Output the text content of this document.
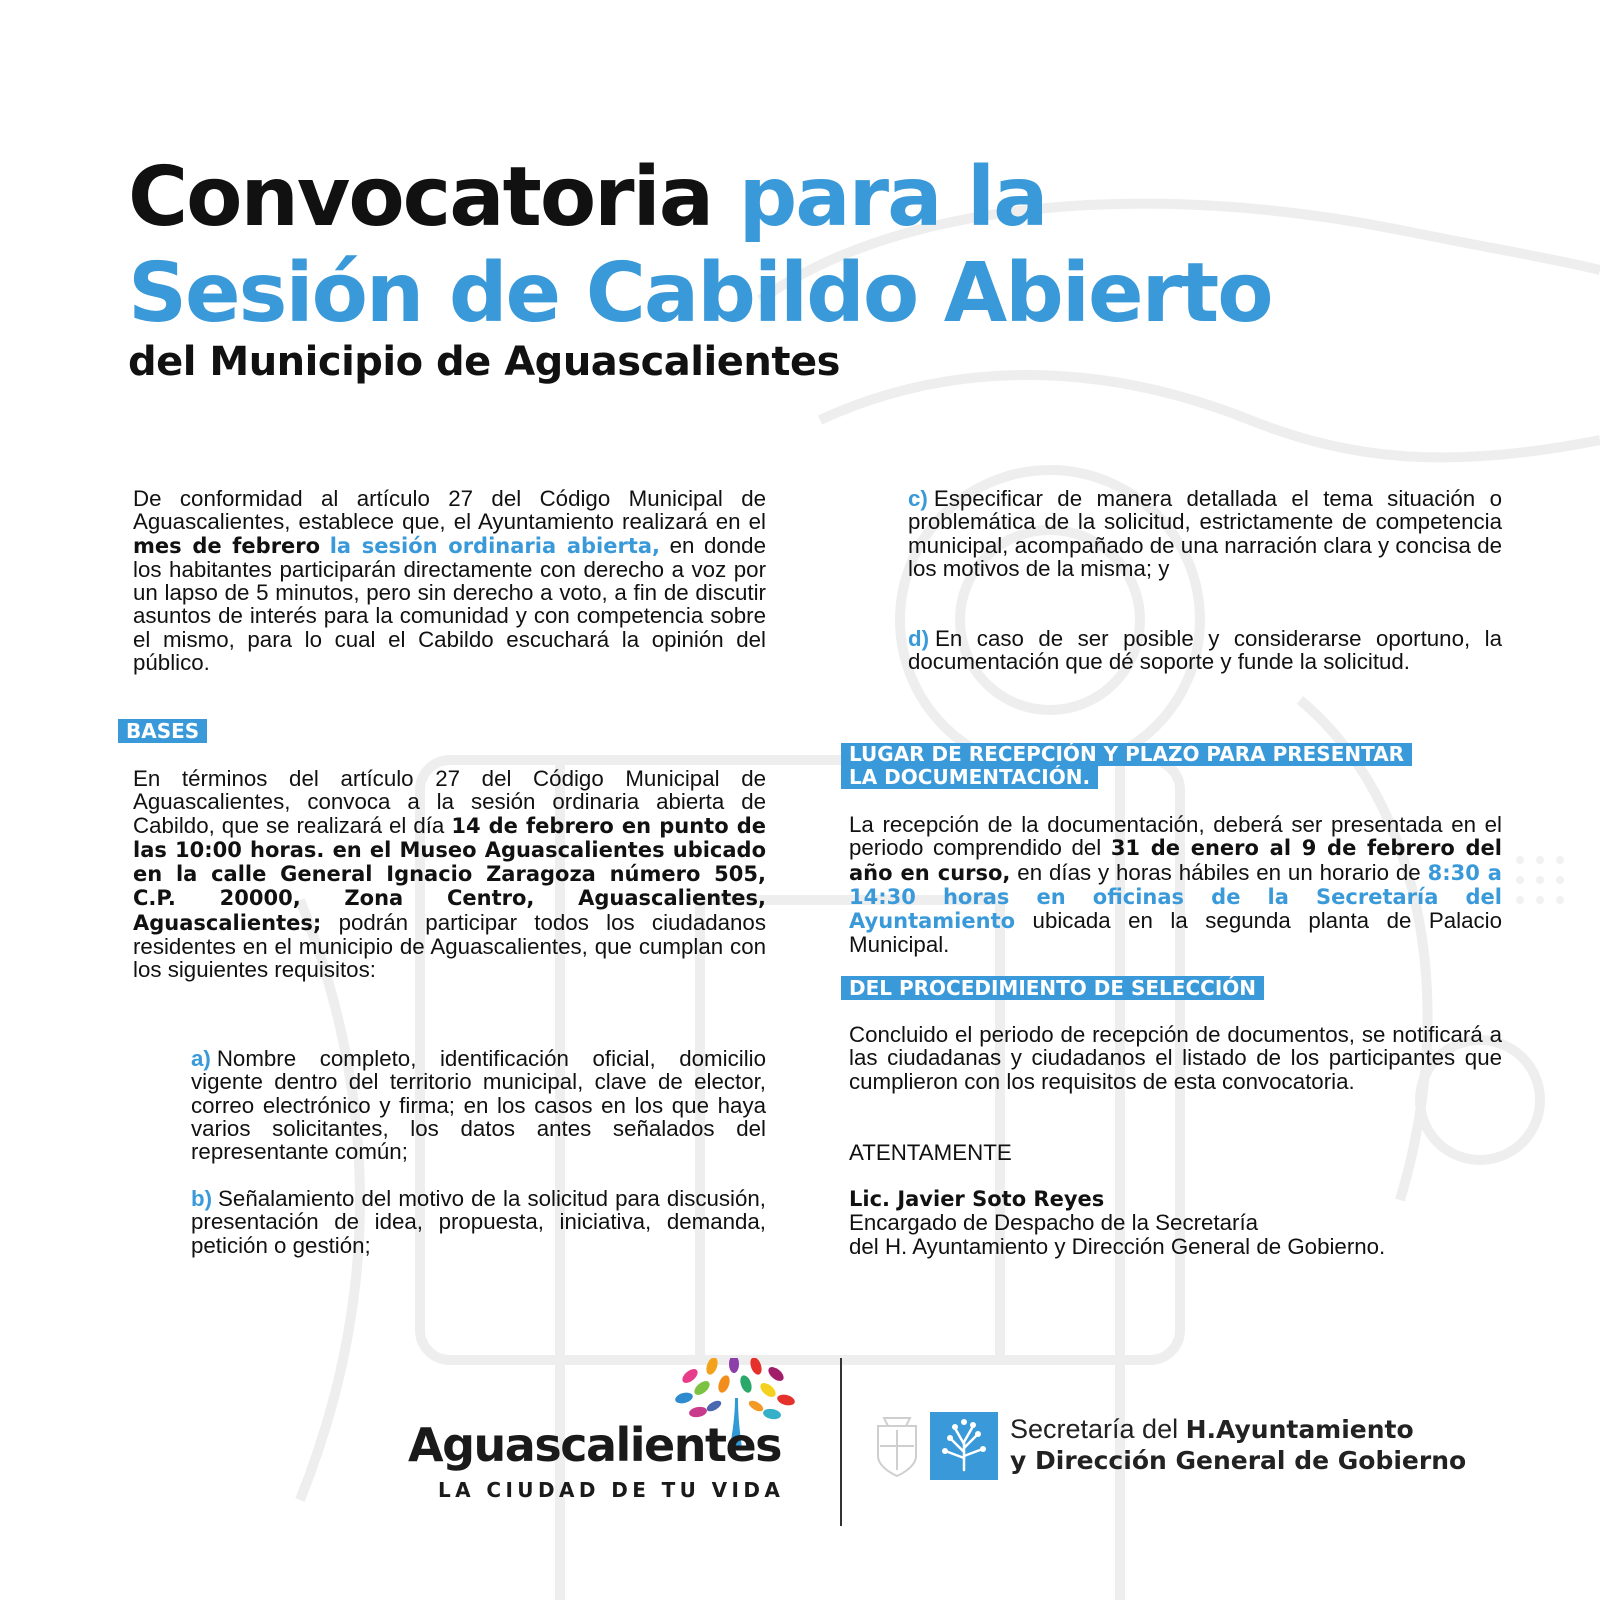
Convocatoria para la
Sesión de Cabildo Abierto
del Municipio de Aguascalientes
De conformidad al artículo 27 del Código Municipal de Aguascalientes, establece que, el Ayuntamiento realizará en el mes de febrero la sesión ordinaria abierta, en donde los habitantes participarán directamente con derecho a voz por un lapso de 5 minutos, pero sin derecho a voto, a fin de discutir asuntos de interés para la comunidad y con competencia sobre el mismo, para lo cual el Cabildo escuchará la opinión del público.
BASES
En términos del artículo 27 del Código Municipal de Aguascalientes, convoca a la sesión ordinaria abierta de Cabildo, que se realizará el día 14 de febrero en punto de las 10:00 horas. en el Museo Aguascalientes ubicado en la calle General Ignacio Zaragoza número 505, C.P. 20000, Zona Centro, Aguascalientes, Aguascalientes; podrán participar todos los ciudadanos residentes en el municipio de Aguascalientes, que cumplan con los siguientes requisitos:
a) Nombre completo, identificación oficial, domicilio vigente dentro del territorio municipal, clave de elector, correo electrónico y firma; en los casos en los que haya varios solicitantes, los datos antes señalados del representante común;
b) Señalamiento del motivo de la solicitud para discusión, presentación de idea, propuesta, iniciativa, demanda, petición o gestión;
c) Especificar de manera detallada el tema situación o problemática de la solicitud, estrictamente de competencia municipal, acompañado de una narración clara y concisa de los motivos de la misma; y
d) En caso de ser posible y considerarse oportuno, la documentación que dé soporte y funde la solicitud.
LUGAR DE RECEPCIÓN Y PLAZO PARA PRESENTAR
LA DOCUMENTACIÓN.
La recepción de la documentación, deberá ser presentada en el periodo comprendido del 31 de enero al 9 de febrero del año en curso, en días y horas hábiles en un horario de 8:30 a 14:30 horas en oficinas de la Secretaría del Ayuntamiento ubicada en la segunda planta de Palacio Municipal.
DEL PROCEDIMIENTO DE SELECCIÓN
Concluido el periodo de recepción de documentos, se notificará a las ciudadanas y ciudadanos el listado de los participantes que cumplieron con los requisitos de esta convocatoria.
ATENTAMENTE
Lic. Javier Soto Reyes
Encargado de Despacho de la Secretaría
del H. Ayuntamiento y Dirección General de Gobierno.
Aguascalientes
LA CIUDAD DE TU VIDA
Secretaría del H.Ayuntamiento
y Dirección General de Gobierno
